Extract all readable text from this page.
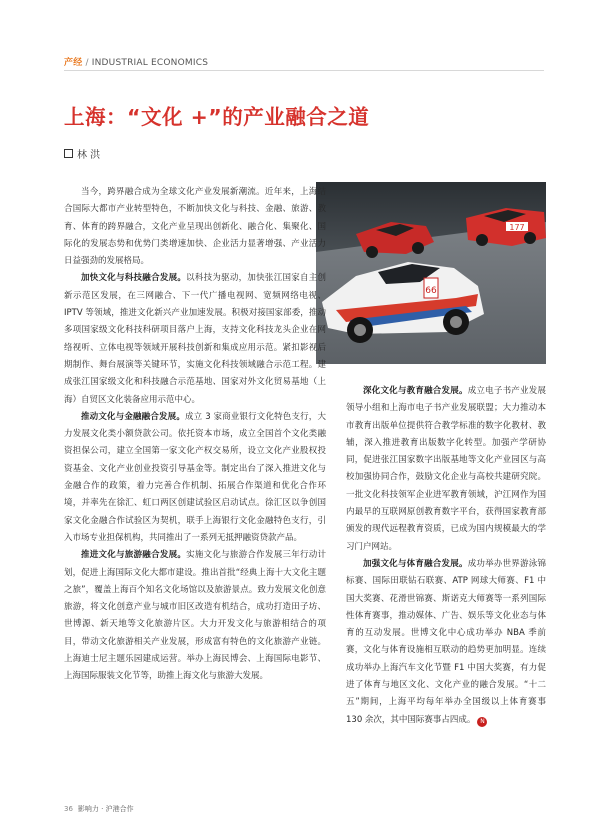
产经 / INDUSTRIAL ECONOMICS
上海：“文化 +”的产业融合之道
林 洪
177
66

当今，跨界融合成为全球文化产业发展新潮流。近年来，上海结合国际大都市产业转型特色，不断加快文化与科技、金融、旅游、教育、体育的跨界融合，文化产业呈现出创新化、融合化、集聚化、国际化的发展态势和优势门类增速加快、企业活力显著增强、产业活力日益强劲的发展格局。

加快文化与科技融合发展。以科技为驱动，加快张江国家自主创新示范区发展，在三网融合、下一代广播电视网、宽频网络电视、IPTV 等领域，推进文化新兴产业加速发展。积极对接国家部委，推动多项国家级文化科技科研项目落户上海，支持文化科技龙头企业在网络视听、立体电视等领域开展科技创新和集成应用示范。紧扣影视后期制作、舞台展演等关键环节，实施文化科技领域融合示范工程。建成张江国家级文化和科技融合示范基地、国家对外文化贸易基地（上海）自贸区文化装备应用示范中心。

推动文化与金融融合发展。成立 3 家商业银行文化特色支行，大力发展文化类小额贷款公司。依托资本市场，成立全国首个文化类融资担保公司，建立全国第一家文化产权交易所，设立文化产业股权投资基金、文化产业创业投资引导基金等。制定出台了深入推进文化与金融合作的政策，着力完善合作机制、拓展合作渠道和优化合作环境，并率先在徐汇、虹口两区创建试验区启动试点。徐汇区以争创国家文化金融合作试验区为契机，联手上海银行文化金融特色支行，引入市场专业担保机构，共同推出了一系列无抵押融资贷款产品。

推进文化与旅游融合发展。实施文化与旅游合作发展三年行动计划，促进上海国际文化大都市建设。推出首批“经典上海十大文化主题之旅”，覆盖上海百个知名文化场馆以及旅游景点。致力发展文化创意旅游，将文化创意产业与城市旧区改造有机结合，成功打造田子坊、世博源、新天地等文化旅游片区。大力开发文化与旅游相结合的项目，带动文化旅游相关产业发展，形成富有特色的文化旅游产业链。上海迪士尼主题乐园建成运营。举办上海民博会、上海国际电影节、上海国际服装文化节等，助推上海文化与旅游大发展。

深化文化与教育融合发展。成立电子书产业发展领导小组和上海市电子书产业发展联盟；大力推动本市教育出版单位提供符合教学标准的数字化教材、教辅，深入推进教育出版数字化转型。加强产学研协同，促进张江国家数字出版基地等文化产业园区与高校加强协同合作，鼓励文化企业与高校共建研究院。一批文化科技领军企业进军教育领域，沪江网作为国内最早的互联网原创教育数字平台，获得国家教育部颁发的现代远程教育资质，已成为国内规模最大的学习门户网站。

加强文化与体育融合发展。成功举办世界游泳锦标赛、国际田联钻石联赛、ATP 网球大师赛、F1 中国大奖赛、花滑世锦赛、斯诺克大师赛等一系列国际性体育赛事，推动媒体、广告、娱乐等文化业态与体育的互动发展。世博文化中心成功举办 NBA 季前赛，文化与体育设施相互联动的趋势更加明显。连续成功举办上海汽车文化节暨 F1 中国大奖赛，有力促进了体育与地区文化、文化产业的融合发展。“十二五”期间，上海平均每年举办全国级以上体育赛事 130 余次，其中国际赛事占四成。 N

36 影响力 · 沪港合作
